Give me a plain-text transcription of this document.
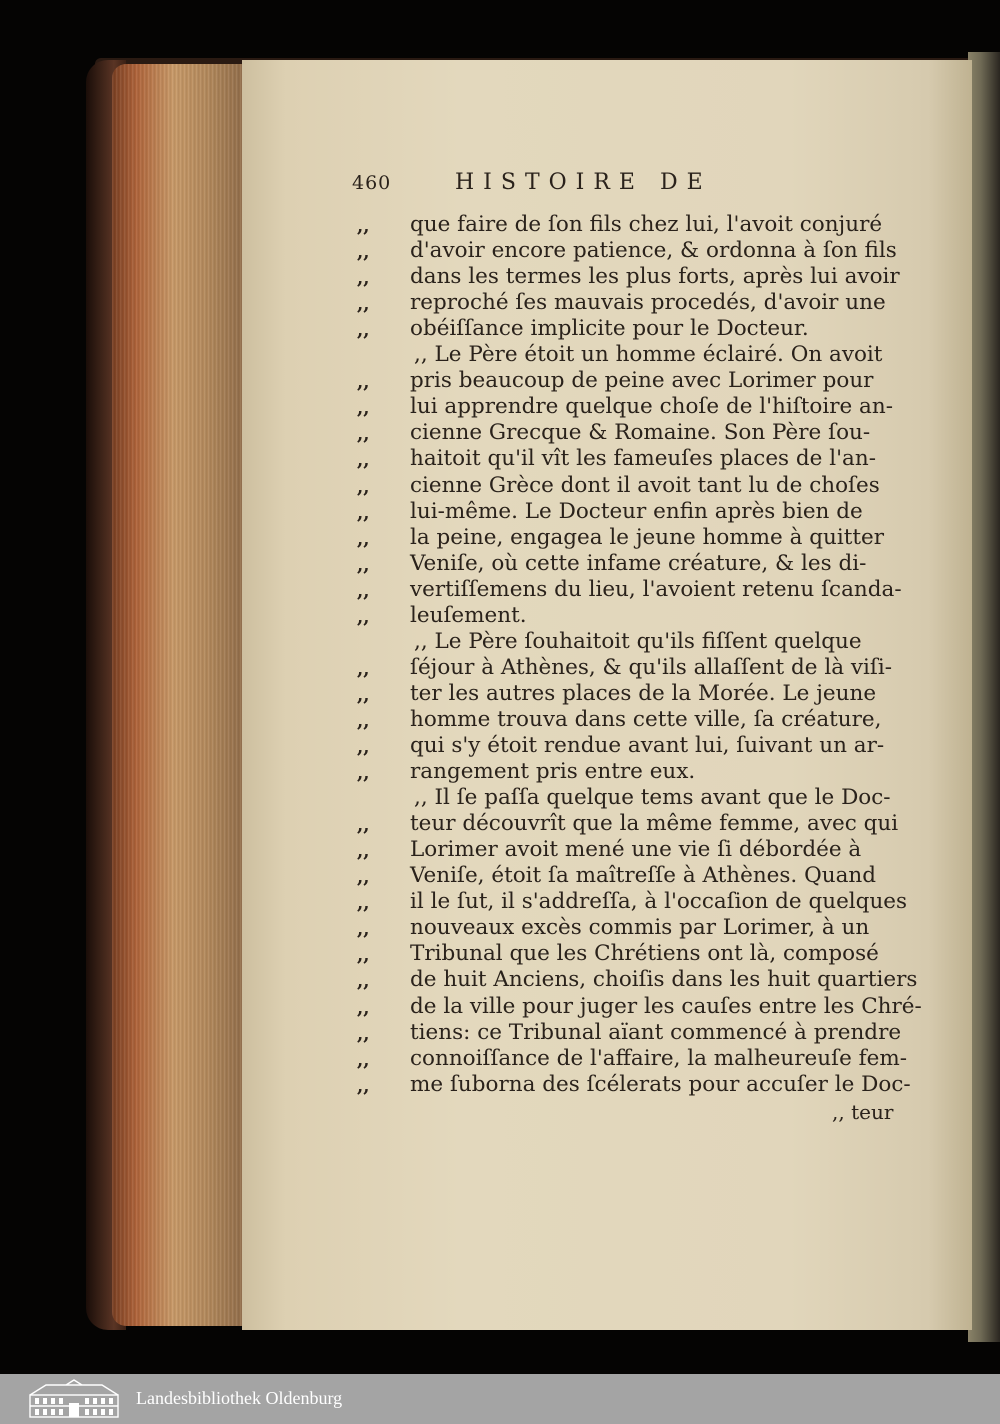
460	HISTOIRE DE
,, que faire de ſon fils chez lui, l'avoit conjuré
,, d'avoir encore patience, & ordonna à ſon fils
,, dans les termes les plus forts, après lui avoir
,, reproché ſes mauvais procedés, d'avoir une
,, obéiſſance implicite pour le Docteur.
,, Le Père étoit un homme éclairé. On avoit
,, pris beaucoup de peine avec Lorimer pour
,, lui apprendre quelque choſe de l'hiſtoire an-
,, cienne Grecque & Romaine. Son Père ſou-
,, haitoit qu'il vît les fameuſes places de l'an-
,, cienne Grèce dont il avoit tant lu de choſes
,, lui-même. Le Docteur enfin après bien de
,, la peine, engagea le jeune homme à quitter
,, Veniſe, où cette infame créature, & les di-
,, vertiſſemens du lieu, l'avoient retenu ſcanda-
,, leuſement.
,, Le Père ſouhaitoit qu'ils fiſſent quelque
,, ſéjour à Athènes, & qu'ils allaſſent de là viſi-
,, ter les autres places de la Morée. Le jeune
,, homme trouva dans cette ville, ſa créature,
,, qui s'y étoit rendue avant lui, ſuivant un ar-
,, rangement pris entre eux.
,, Il ſe paſſa quelque tems avant que le Doc-
,, teur découvrît que la même femme, avec qui
,, Lorimer avoit mené une vie ſi débordée à
,, Veniſe, étoit ſa maîtreſſe à Athènes. Quand
,, il le ſut, il s'addreſſa, à l'occaſion de quelques
,, nouveaux excès commis par Lorimer, à un
,, Tribunal que les Chrétiens ont là, composé
,, de huit Anciens, choiſis dans les huit quartiers
,, de la ville pour juger les cauſes entre les Chré-
,, tiens: ce Tribunal aïant commencé à prendre
,, connoiſſance de l'affaire, la malheureuſe fem-
,, me ſuborna des ſcélerats pour accuſer le Doc-
,, teur
Landesbibliothek Oldenburg
